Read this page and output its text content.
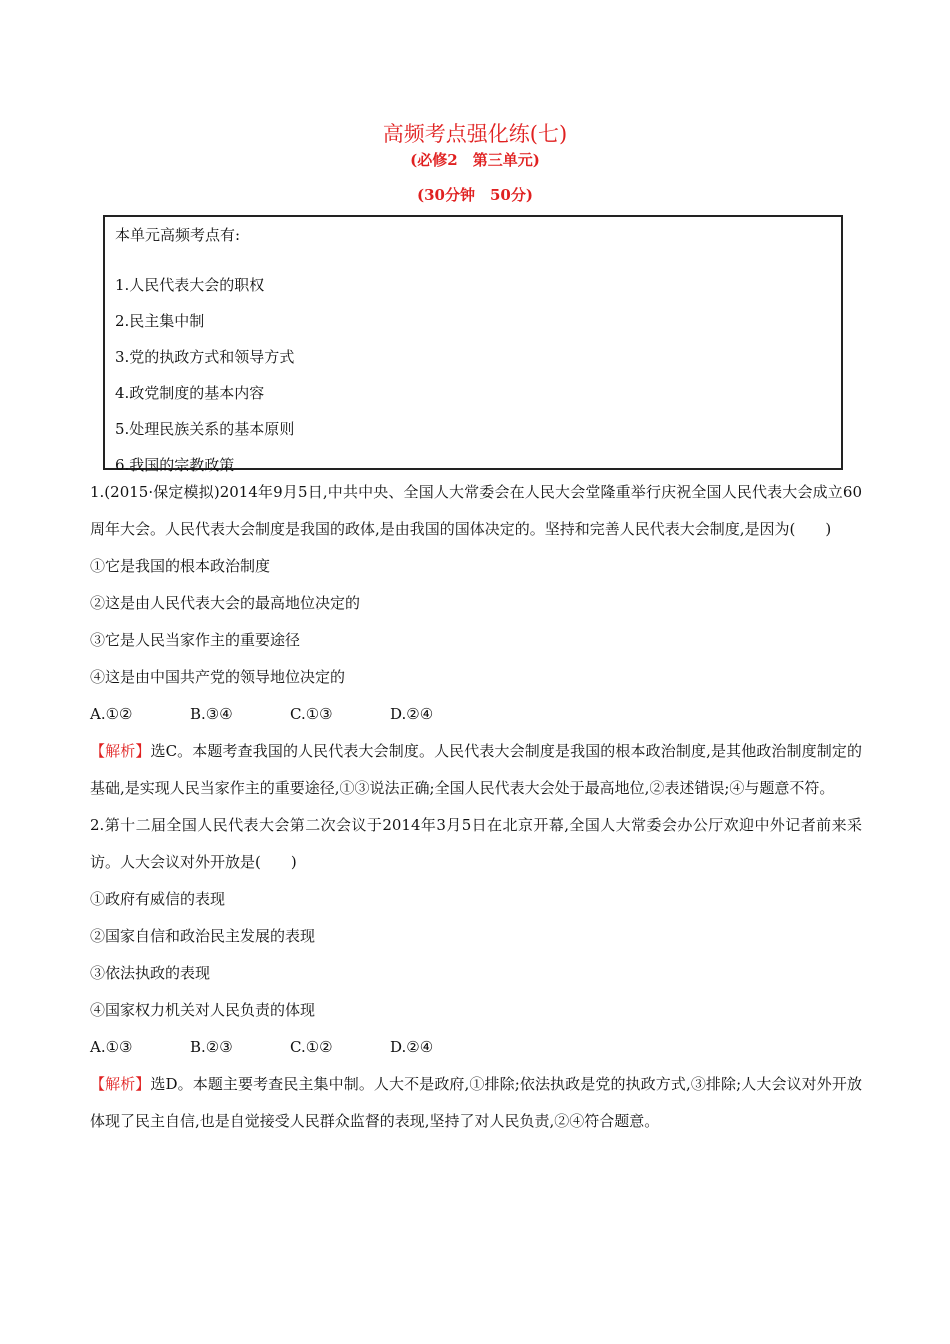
高频考点强化练(七)
(必修2　第三单元)
(30分钟　50分)
本单元高频考点有:
1.人民代表大会的职权
2.民主集中制
3.党的执政方式和领导方式
4.政党制度的基本内容
5.处理民族关系的基本原则
6.我国的宗教政策
1.(2015·保定模拟)2014年9月5日,中共中央、全国人大常委会在人民大会堂隆重举行庆祝全国人民代表大会成立60周年大会。人民代表大会制度是我国的政体,是由我国的国体决定的。坚持和完善人民代表大会制度,是因为(　　)
①它是我国的根本政治制度
②这是由人民代表大会的最高地位决定的
③它是人民当家作主的重要途径
④这是由中国共产党的领导地位决定的
A.①②	B.③④	C.①③	D.②④
【解析】选C。本题考查我国的人民代表大会制度。人民代表大会制度是我国的根本政治制度,是其他政治制度制定的基础,是实现人民当家作主的重要途径,①③说法正确;全国人民代表大会处于最高地位,②表述错误;④与题意不符。
2.第十二届全国人民代表大会第二次会议于2014年3月5日在北京开幕,全国人大常委会办公厅欢迎中外记者前来采访。人大会议对外开放是(　　)
①政府有威信的表现
②国家自信和政治民主发展的表现
③依法执政的表现
④国家权力机关对人民负责的体现
A.①③	B.②③	C.①②	D.②④
【解析】选D。本题主要考查民主集中制。人大不是政府,①排除;依法执政是党的执政方式,③排除;人大会议对外开放体现了民主自信,也是自觉接受人民群众监督的表现,坚持了对人民负责,②④符合题意。
